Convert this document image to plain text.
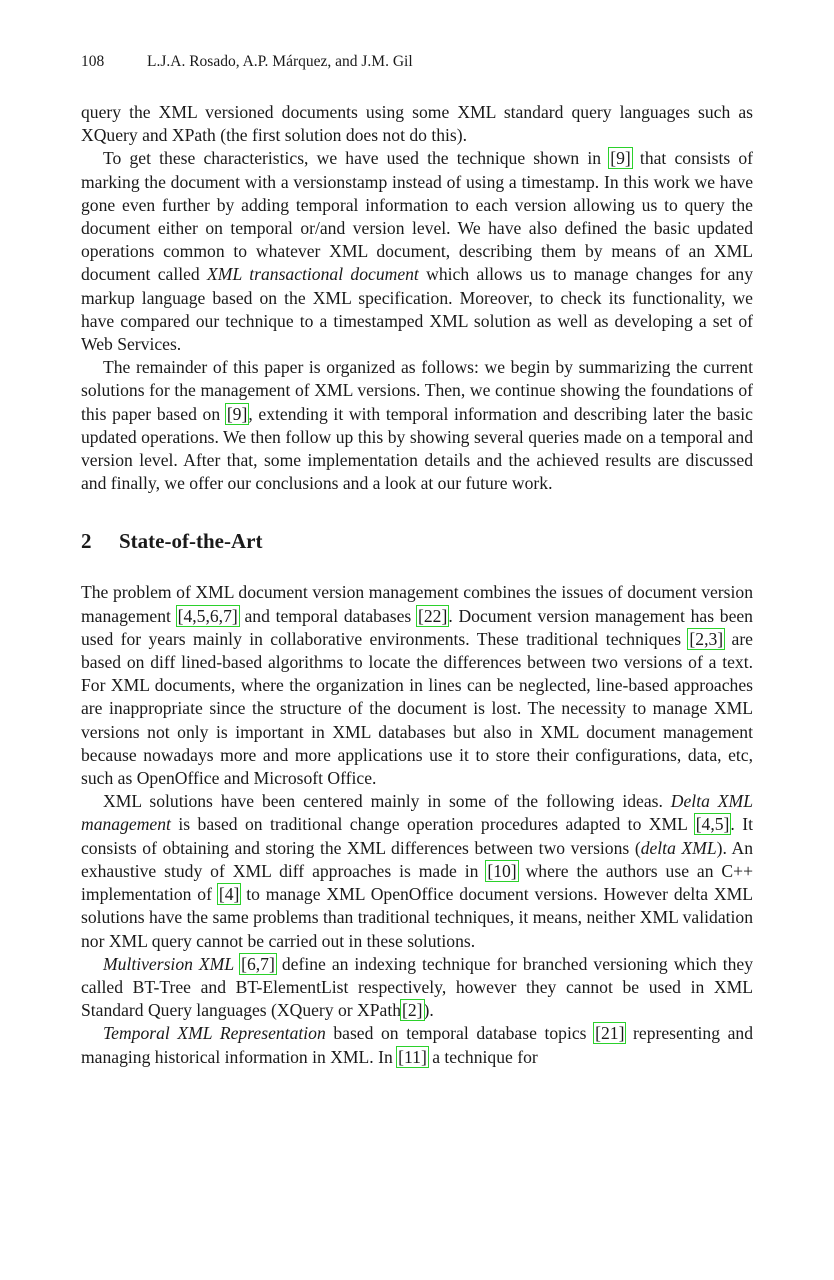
108	L.J.A. Rosado, A.P. Márquez, and J.M. Gil

query the XML versioned documents using some XML standard query languages such as XQuery and XPath (the first solution does not do this).

To get these characteristics, we have used the technique shown in [9] that consists of marking the document with a versionstamp instead of using a timestamp. In this work we have gone even further by adding temporal information to each version allowing us to query the document either on temporal or/and version level. We have also defined the basic updated operations common to whatever XML document, describing them by means of an XML document called XML transactional document which allows us to manage changes for any markup language based on the XML specification. Moreover, to check its functionality, we have compared our technique to a timestamped XML solution as well as developing a set of Web Services.

The remainder of this paper is organized as follows: we begin by summarizing the current solutions for the management of XML versions. Then, we continue showing the foundations of this paper based on [9], extending it with temporal information and describing later the basic updated operations. We then follow up this by showing several queries made on a temporal and version level. After that, some implementation details and the achieved results are discussed and finally, we offer our conclusions and a look at our future work.

2 State-of-the-Art

The problem of XML document version management combines the issues of document version management [4,5,6,7] and temporal databases [22]. Document version management has been used for years mainly in collaborative environments. These traditional techniques [2,3] are based on diff lined-based algorithms to locate the differences between two versions of a text. For XML documents, where the organization in lines can be neglected, line-based approaches are inappropriate since the structure of the document is lost. The necessity to manage XML versions not only is important in XML databases but also in XML document management because nowadays more and more applications use it to store their configurations, data, etc, such as OpenOffice and Microsoft Office.

XML solutions have been centered mainly in some of the following ideas. Delta XML management is based on traditional change operation procedures adapted to XML [4,5]. It consists of obtaining and storing the XML differences between two versions (delta XML). An exhaustive study of XML diff approaches is made in [10] where the authors use an C++ implementation of [4] to manage XML OpenOffice document versions. However delta XML solutions have the same problems than traditional techniques, it means, neither XML validation nor XML query cannot be carried out in these solutions.

Multiversion XML [6,7] define an indexing technique for branched versioning which they called BT-Tree and BT-ElementList respectively, however they cannot be used in XML Standard Query languages (XQuery or XPath[2]).

Temporal XML Representation based on temporal database topics [21] representing and managing historical information in XML. In [11] a technique for
